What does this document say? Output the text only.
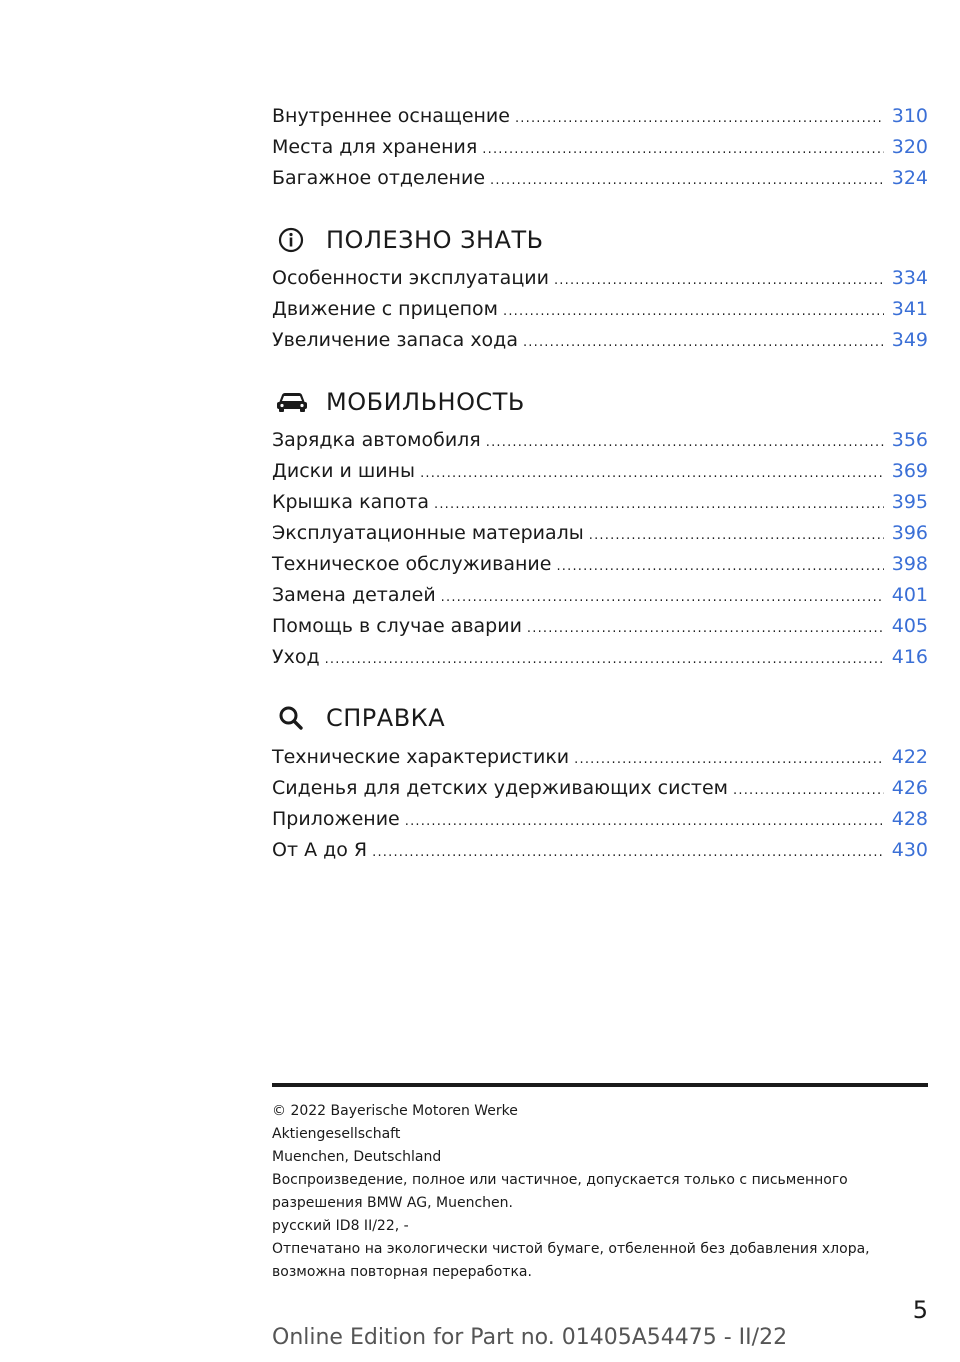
Внутреннее оснащение .....	310
Места для хранения .....	320
Багажное отделение .....	324
ПОЛЕЗНО ЗНАТЬ
Особенности эксплуатации .....	334
Движение с прицепом .....	341
Увеличение запаса хода .....	349
МОБИЛЬНОСТЬ
Зарядка автомобиля .....	356
Диски и шины .....	369
Крышка капота .....	395
Эксплуатационные материалы .....	396
Техническое обслуживание .....	398
Замена деталей .....	401
Помощь в случае аварии .....	405
Уход .....	416
СПРАВКА
Технические характеристики .....	422
Сиденья для детских удерживающих систем .....	426
Приложение .....	428
От А до Я .....	430
© 2022 Bayerische Motoren Werke
Aktiengesellschaft
Muenchen, Deutschland
Воспроизведение, полное или частичное, допускается только с письменного
разрешения BMW AG, Muenchen.
русский ID8 II/22, -
Отпечатано на экологически чистой бумаге, отбеленной без добавления хлора,
возможна повторная переработка.
5
Online Edition for Part no. 01405A54475 - II/22
